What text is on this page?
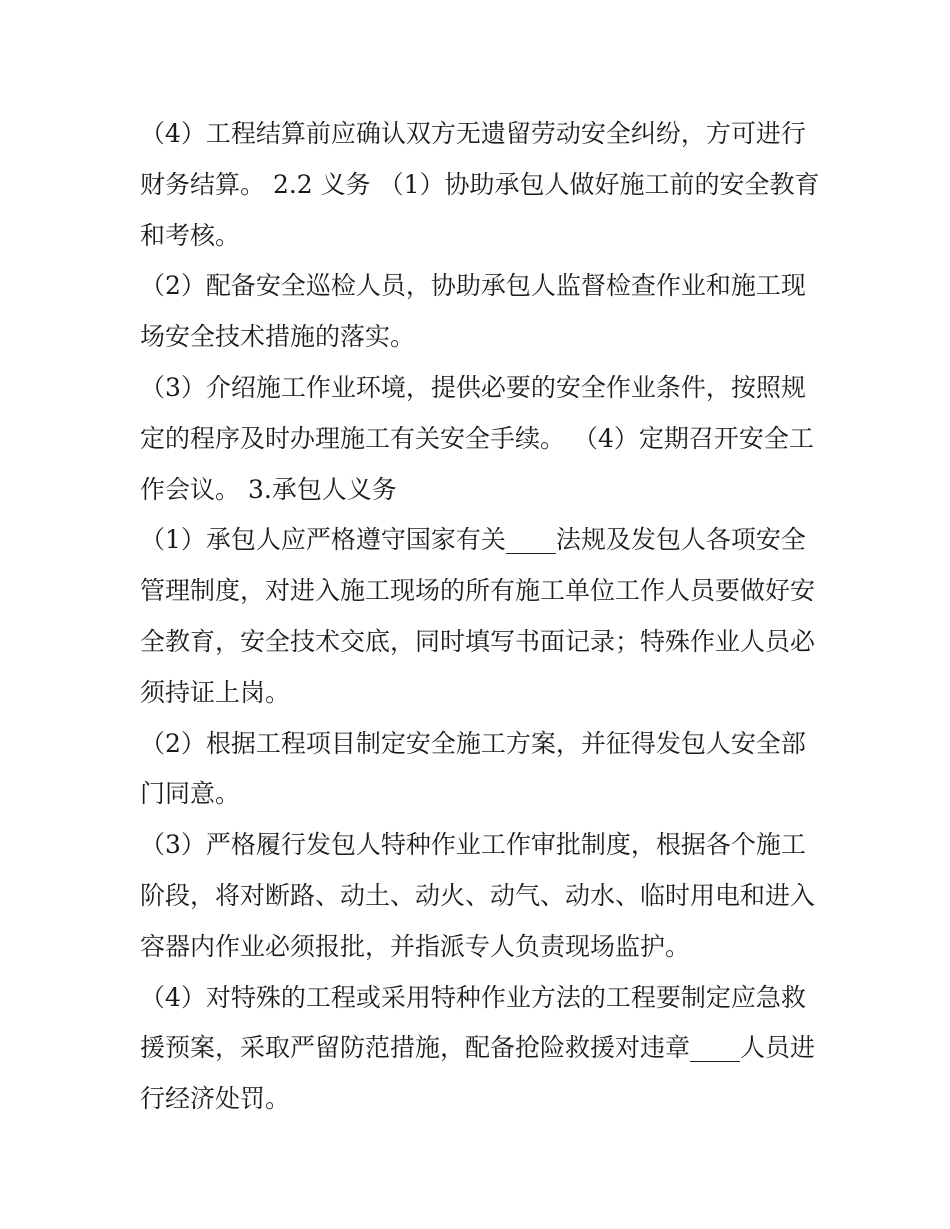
（4）工程结算前应确认双方无遗留劳动安全纠纷，方可进行
财务结算。 2.2 义务 （1）协助承包人做好施工前的安全教育
和考核。
（2）配备安全巡检人员，协助承包人监督检查作业和施工现
场安全技术措施的落实。
（3）介绍施工作业环境，提供必要的安全作业条件，按照规
定的程序及时办理施工有关安全手续。 （4）定期召开安全工
作会议。 3.承包人义务
（1）承包人应严格遵守国家有关____法规及发包人各项安全
管理制度，对进入施工现场的所有施工单位工作人员要做好安
全教育，安全技术交底，同时填写书面记录；特殊作业人员必
须持证上岗。
（2）根据工程项目制定安全施工方案，并征得发包人安全部
门同意。
（3）严格履行发包人特种作业工作审批制度，根据各个施工
阶段，将对断路、动土、动火、动气、动水、临时用电和进入
容器内作业必须报批，并指派专人负责现场监护。
（4）对特殊的工程或采用特种作业方法的工程要制定应急救
援预案，采取严留防范措施，配备抢险救援对违章____人员进
行经济处罚。
